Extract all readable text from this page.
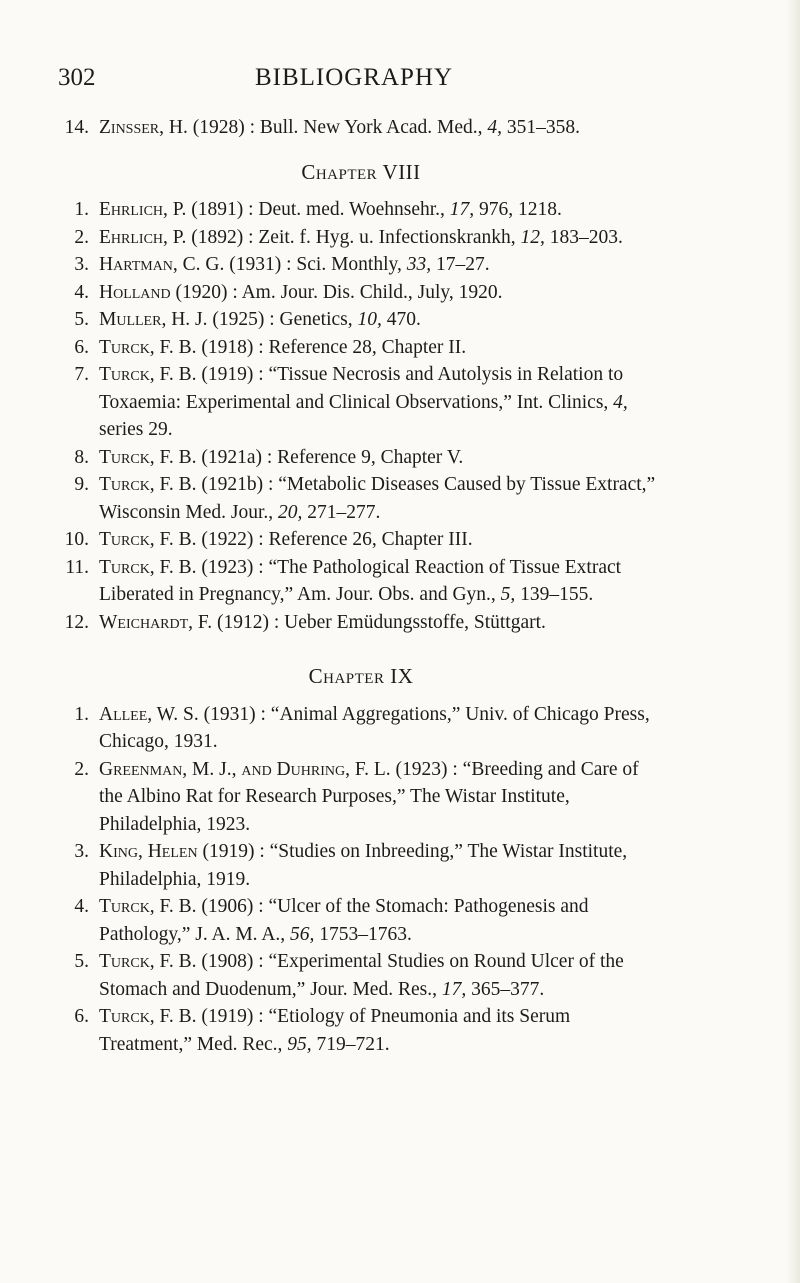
302	BIBLIOGRAPHY
14. Zinsser, H. (1928) : Bull. New York Acad. Med., 4, 351–358.
Chapter VIII
1. Ehrlich, P. (1891) : Deut. med. Woehnsehr., 17, 976, 1218.
2. Ehrlich, P. (1892) : Zeit. f. Hyg. u. Infectionskrankh, 12, 183–203.
3. Hartman, C. G. (1931) : Sci. Monthly, 33, 17–27.
4. Holland (1920) : Am. Jour. Dis. Child., July, 1920.
5. Muller, H. J. (1925) : Genetics, 10, 470.
6. Turck, F. B. (1918) : Reference 28, Chapter II.
7. Turck, F. B. (1919) : “Tissue Necrosis and Autolysis in Relation to Toxaemia: Experimental and Clinical Observations,” Int. Clinics, 4, series 29.
8. Turck, F. B. (1921a) : Reference 9, Chapter V.
9. Turck, F. B. (1921b) : “Metabolic Diseases Caused by Tissue Extract,” Wisconsin Med. Jour., 20, 271–277.
10. Turck, F. B. (1922) : Reference 26, Chapter III.
11. Turck, F. B. (1923) : “The Pathological Reaction of Tissue Extract Liberated in Pregnancy,” Am. Jour. Obs. and Gyn., 5, 139–155.
12. Weichardt, F. (1912) : Ueber Emüdungsstoffe, Stüttgart.
Chapter IX
1. Allee, W. S. (1931) : “Animal Aggregations,” Univ. of Chicago Press, Chicago, 1931.
2. Greenman, M. J., and Duhring, F. L. (1923) : “Breeding and Care of the Albino Rat for Research Purposes,” The Wistar Institute, Philadelphia, 1923.
3. King, Helen (1919) : “Studies on Inbreeding,” The Wistar Institute, Philadelphia, 1919.
4. Turck, F. B. (1906) : “Ulcer of the Stomach: Pathogenesis and Pathology,” J. A. M. A., 56, 1753–1763.
5. Turck, F. B. (1908) : “Experimental Studies on Round Ulcer of the Stomach and Duodenum,” Jour. Med. Res., 17, 365–377.
6. Turck, F. B. (1919) : “Etiology of Pneumonia and its Serum Treatment,” Med. Rec., 95, 719–721.
